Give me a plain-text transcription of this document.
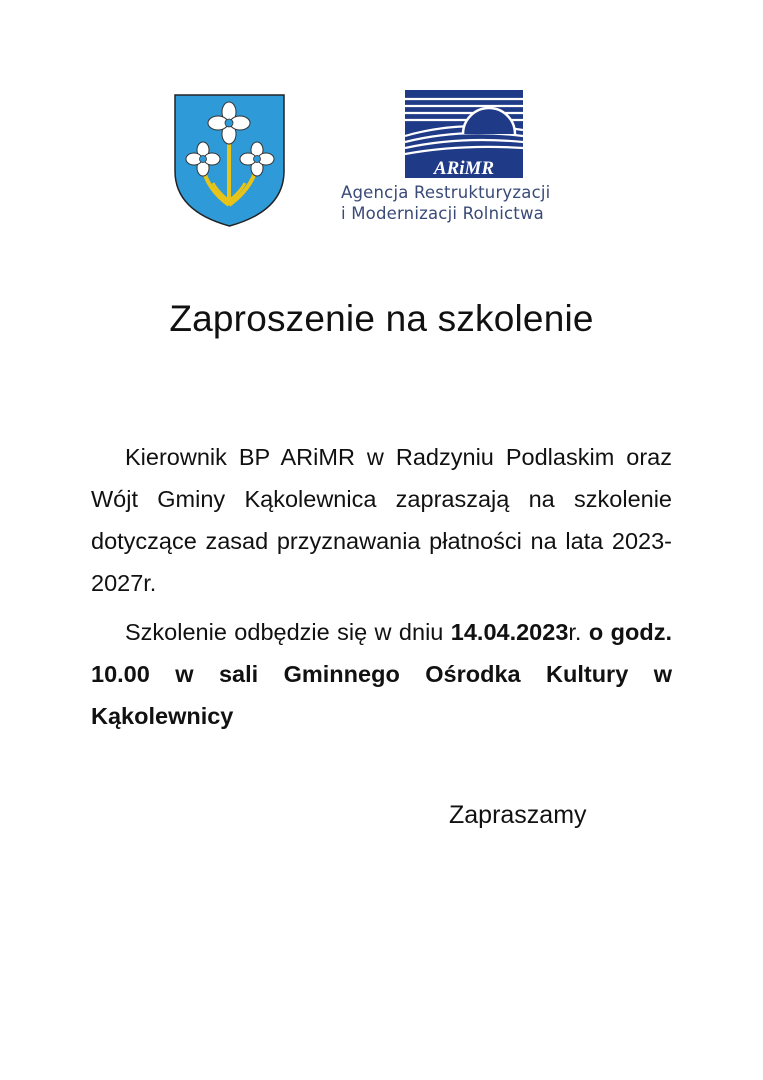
ARiMR
Agencja Restrukturyzacji
i Modernizacji Rolnictwa
Zaproszenie na szkolenie

Kierownik BP ARiMR w Radzyniu Podlaskim oraz Wójt Gminy Kąkolewnica zapraszają na szkolenie dotyczące zasad przyznawania płatności na lata 2023-2027r.

Szkolenie odbędzie się w dniu 14.04.2023r. o godz. 10.00 w sali Gminnego Ośrodka Kultury w Kąkolewnicy

Zapraszamy
